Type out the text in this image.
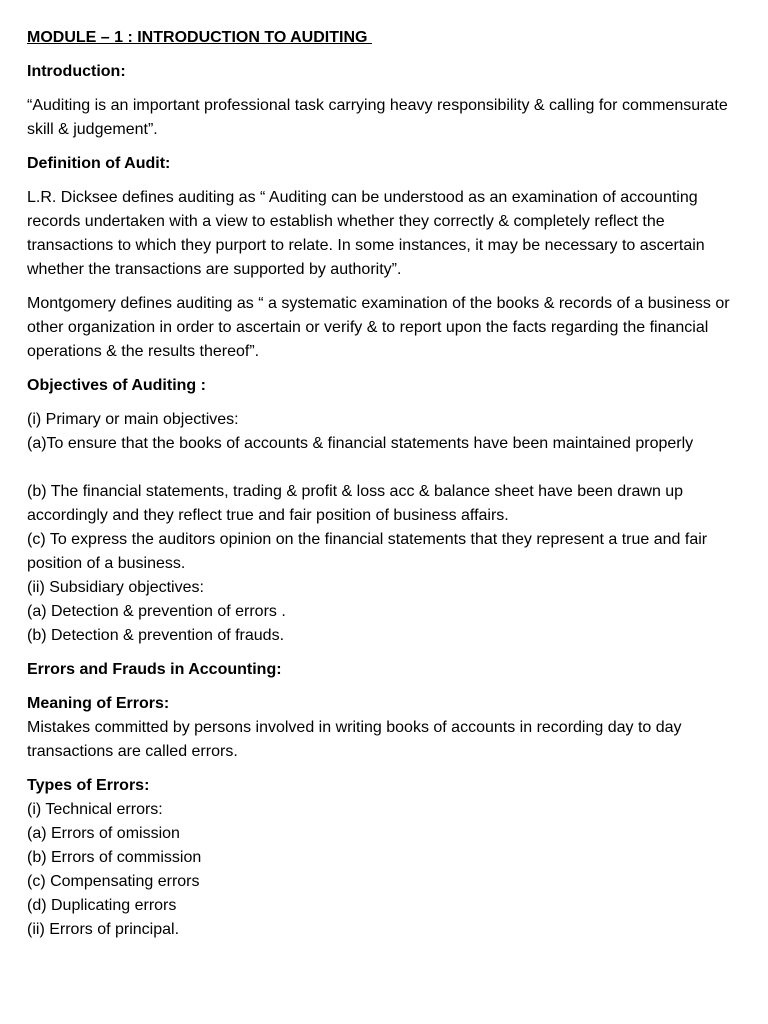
MODULE – 1 : INTRODUCTION TO AUDITING

Introduction:

“Auditing is an important professional task carrying heavy responsibility & calling for commensurate skill & judgement”.

Definition of Audit:

L.R. Dicksee defines auditing as “ Auditing can be understood as an examination of accounting records undertaken with a view to establish whether they correctly & completely reflect the transactions to which they purport to relate. In some instances, it may be necessary to ascertain whether the transactions are supported by authority”.

Montgomery defines auditing as “ a systematic examination of the books & records of a business or other organization in order to ascertain or verify & to report upon the facts regarding the financial operations & the results thereof”.

Objectives of Auditing :

(i) Primary or main objectives:

(a)To ensure that the books of accounts & financial statements have been maintained properly

(b) The financial statements, trading & profit & loss acc & balance sheet have been drawn up accordingly and they reflect true and fair position of business affairs.

(c) To express the auditors opinion on the financial statements that they represent a true and fair position of a business.

(ii) Subsidiary objectives:

(a) Detection & prevention of errors .

(b) Detection & prevention of frauds.

Errors and Frauds in Accounting:

Meaning of Errors:

Mistakes committed by persons involved in writing books of accounts in recording day to day transactions are called errors.

Types of Errors:

(i) Technical errors:

(a) Errors of omission

(b) Errors of commission

(c) Compensating errors

(d) Duplicating errors

(ii) Errors of principal.
